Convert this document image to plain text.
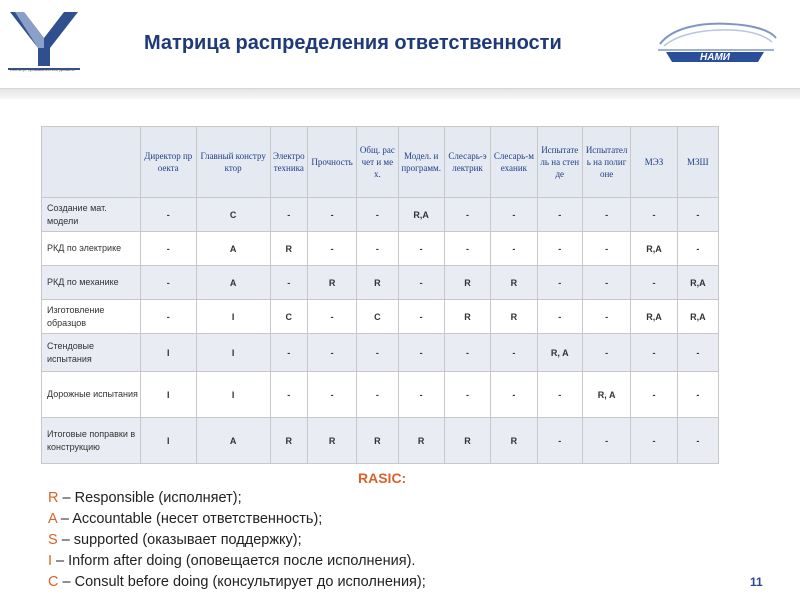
Институт промышленного дизайна
Матрица распределения ответственности
НАМИ
	Директор проекта	Главный конструктор	Электротехника	Прочность	Общ. расчет и мех.	Модел. и программ.	Слесарь-электрик	Слесарь-механик	Испытатель на стенде	Испытатель на полигоне	МЭЗ	МЗШ
Создание мат. модели	-	C	-	-	-	R,A	-	-	-	-	-	-
РКД по электрике	-	A	R	-	-	-	-	-	-	-	R,A	-
РКД по механике	-	A	-	R	R	-	R	R	-	-	-	R,A
Изготовление образцов	-	I	C	-	C	-	R	R	-	-	R,A	R,A
Стендовые испытания	I	I	-	-	-	-	-	-	R, A	-	-	-
Дорожные испытания	I	I	-	-	-	-	-	-	-	R, A	-	-
Итоговые поправки в конструкцию	I	A	R	R	R	R	R	R	-	-	-	-
RASIC:
R – Responsible (исполняет);
A – Accountable (несет ответственность);
S – supported (оказывает поддержку);
I – Inform after doing (оповещается после исполнения).
C – Consult before doing (консультирует до исполнения);	11
